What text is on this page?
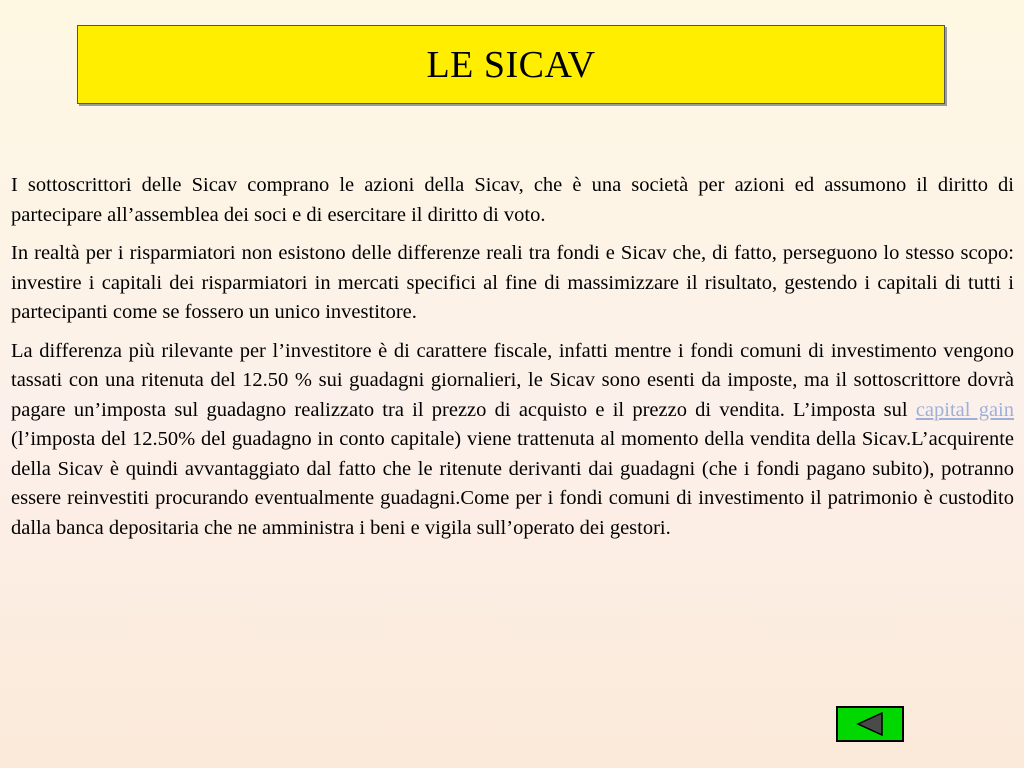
LE SICAV

I sottoscrittori delle Sicav comprano le azioni della Sicav, che è una società per azioni ed assumono il diritto di partecipare all’assemblea dei soci e di esercitare il diritto di voto.

In realtà per i risparmiatori non esistono delle differenze reali tra fondi e Sicav che, di fatto, perseguono lo stesso scopo: investire i capitali dei risparmiatori in mercati specifici al fine di massimizzare il risultato, gestendo i capitali di tutti i partecipanti come se fossero un unico investitore.

La differenza più rilevante per l’investitore è di carattere fiscale, infatti mentre i fondi comuni di investimento vengono tassati con una ritenuta del 12.50 % sui guadagni giornalieri, le Sicav sono esenti da imposte, ma il sottoscrittore dovrà pagare un’imposta sul guadagno realizzato tra il prezzo di acquisto e il prezzo di vendita. L’imposta sul capital gain (l’imposta del 12.50% del guadagno in conto capitale) viene trattenuta al momento della vendita della Sicav.L’acquirente della Sicav è quindi avvantaggiato dal fatto che le ritenute derivanti dai guadagni (che i fondi pagano subito), potranno essere reinvestiti procurando eventualmente guadagni.Come per i fondi comuni di investimento il patrimonio è custodito dalla banca depositaria che ne amministra i beni e vigila sull’operato dei gestori.
